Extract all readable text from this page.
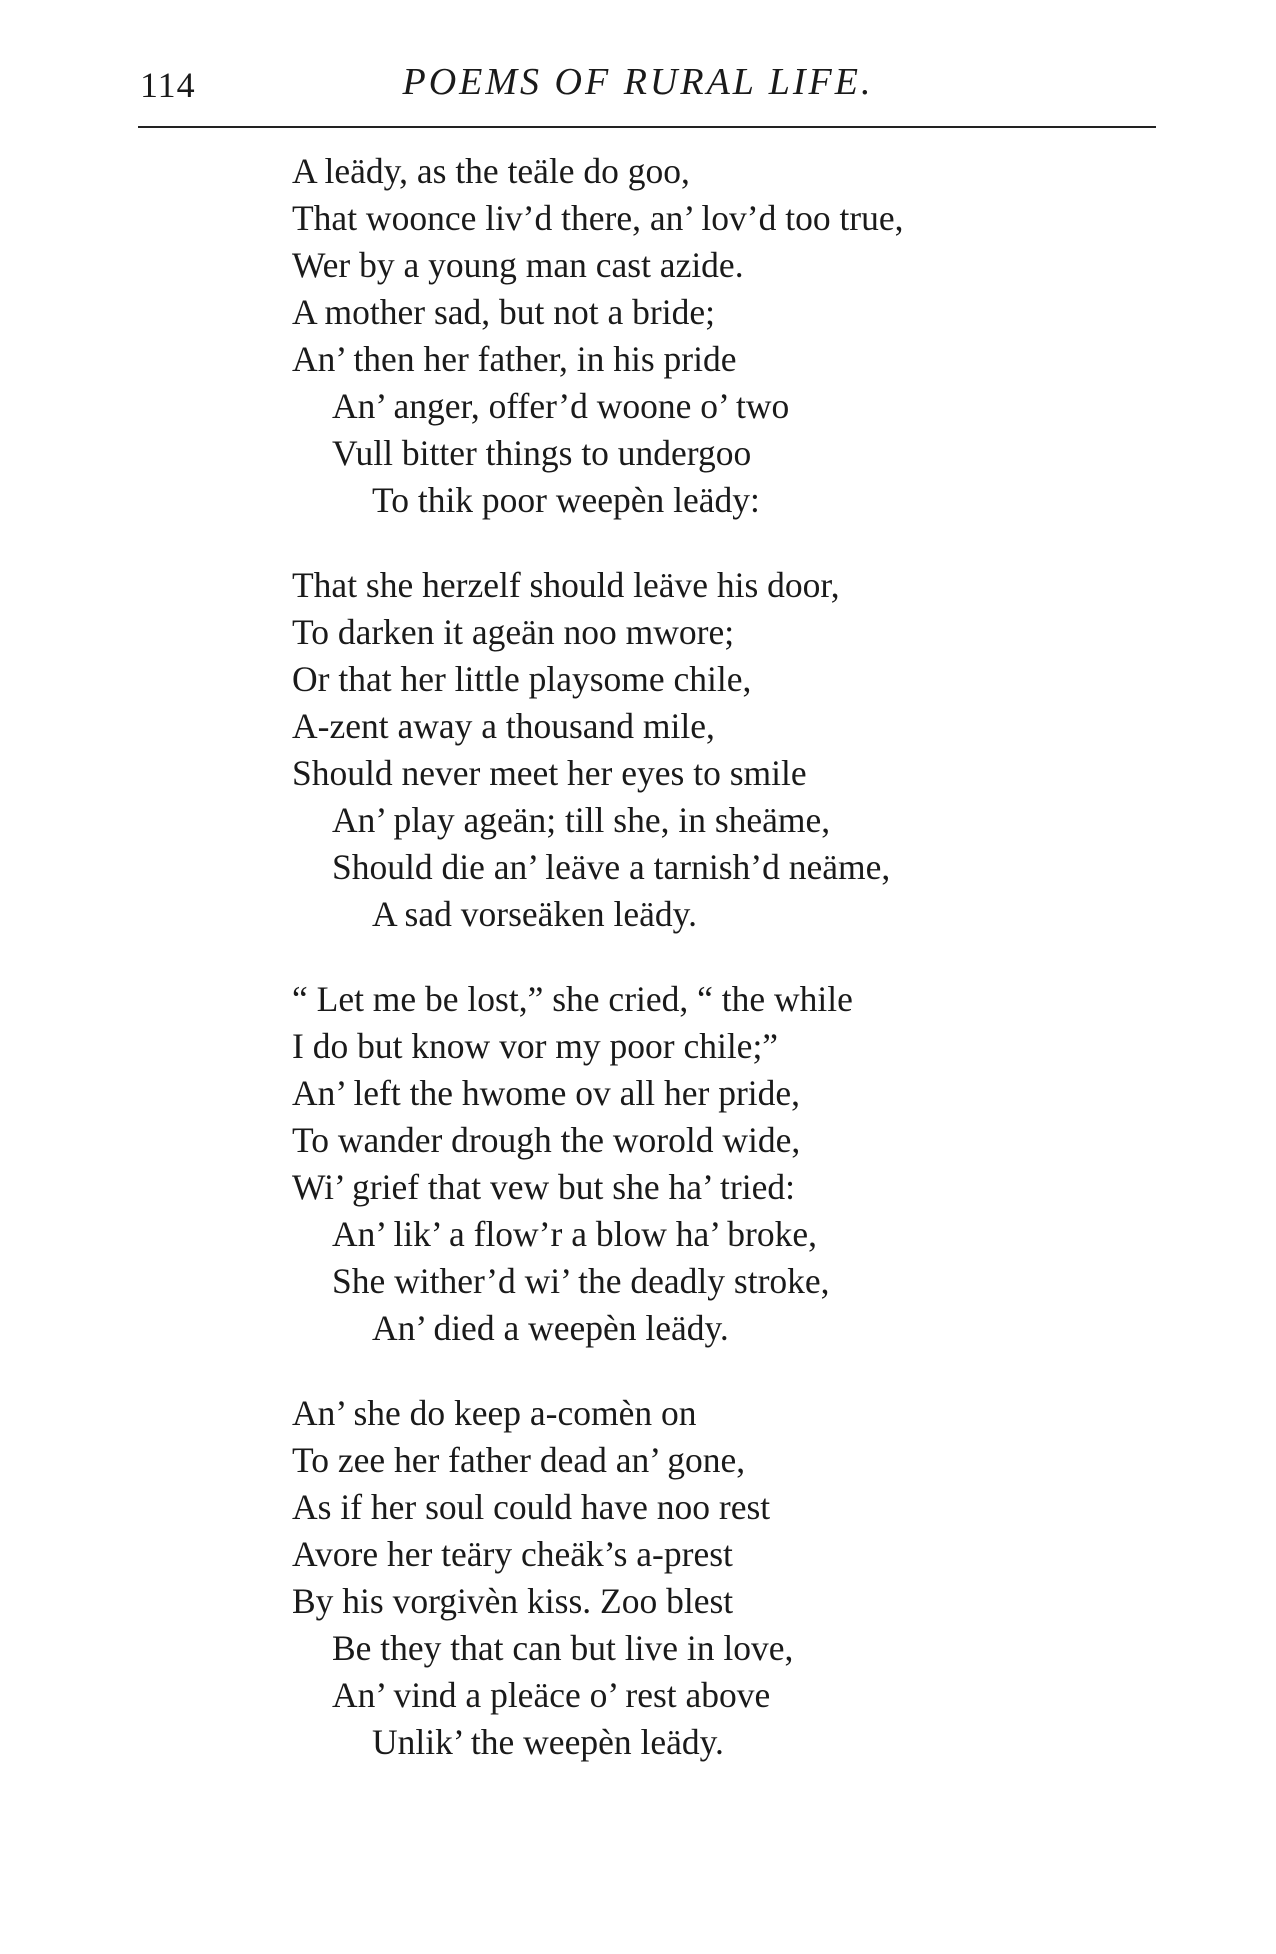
114	POEMS OF RURAL LIFE.
A leädy, as the teäle do goo,
That woonce liv’d there, an’ lov’d too true,
Wer by a young man cast azide.
A mother sad, but not a bride;
An’ then her father, in his pride
An’ anger, offer’d woone o’ two
Vull bitter things to undergoo
To thik poor weepèn leädy:
That she herzelf should leäve his door,
To darken it ageän noo mwore;
Or that her little playsome chile,
A-zent away a thousand mile,
Should never meet her eyes to smile
An’ play ageän; till she, in sheäme,
Should die an’ leäve a tarnish’d neäme,
A sad vorseäken leädy.
“ Let me be lost,” she cried, “ the while
I do but know vor my poor chile;”
An’ left the hwome ov all her pride,
To wander drough the worold wide,
Wi’ grief that vew but she ha’ tried:
An’ lik’ a flow’r a blow ha’ broke,
She wither’d wi’ the deadly stroke,
An’ died a weepèn leädy.
An’ she do keep a-comèn on
To zee her father dead an’ gone,
As if her soul could have noo rest
Avore her teäry cheäk’s a-prest
By his vorgivèn kiss. Zoo blest
Be they that can but live in love,
An’ vind a pleäce o’ rest above
Unlik’ the weepèn leädy.
